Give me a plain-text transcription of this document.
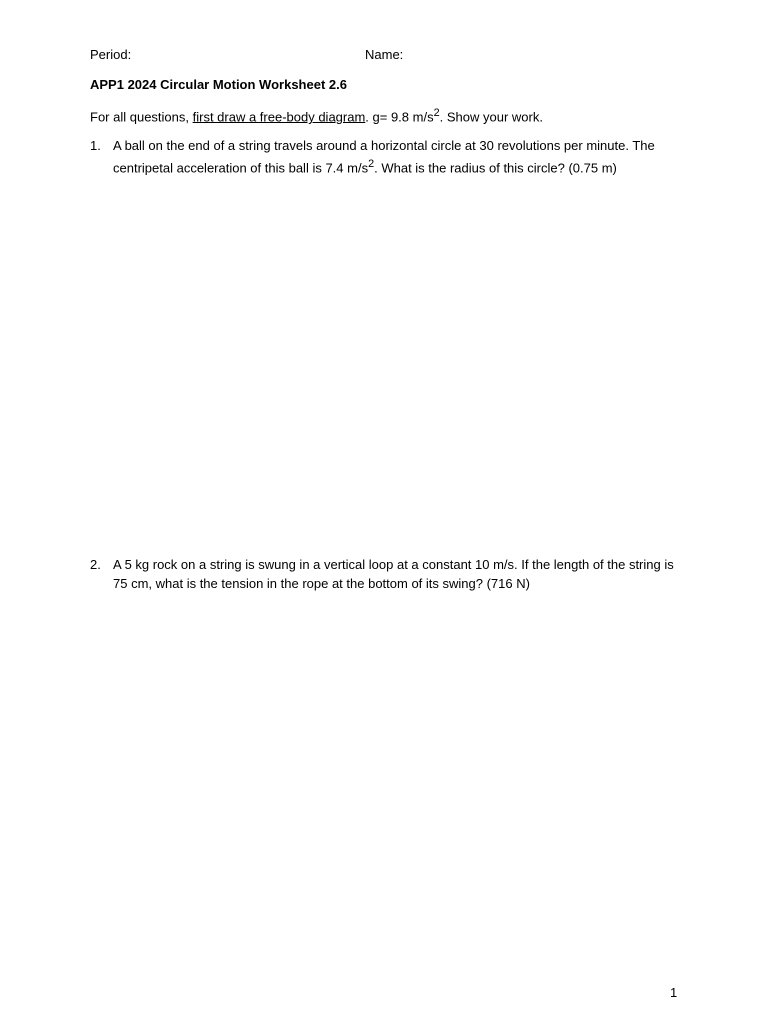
Period:	Name:
APP1 2024 Circular Motion Worksheet 2.6
For all questions, first draw a free-body diagram. g= 9.8 $m/s^2$. Show your work.
1. A ball on the end of a string travels around a horizontal circle at 30 revolutions per minute. The centripetal acceleration of this ball is 7.4 $m/s^2$. What is the radius of this circle? (0.75 m)
2. A 5 kg rock on a string is swung in a vertical loop at a constant 10 m/s. If the length of the string is 75 cm, what is the tension in the rope at the bottom of its swing? (716 N)
1
